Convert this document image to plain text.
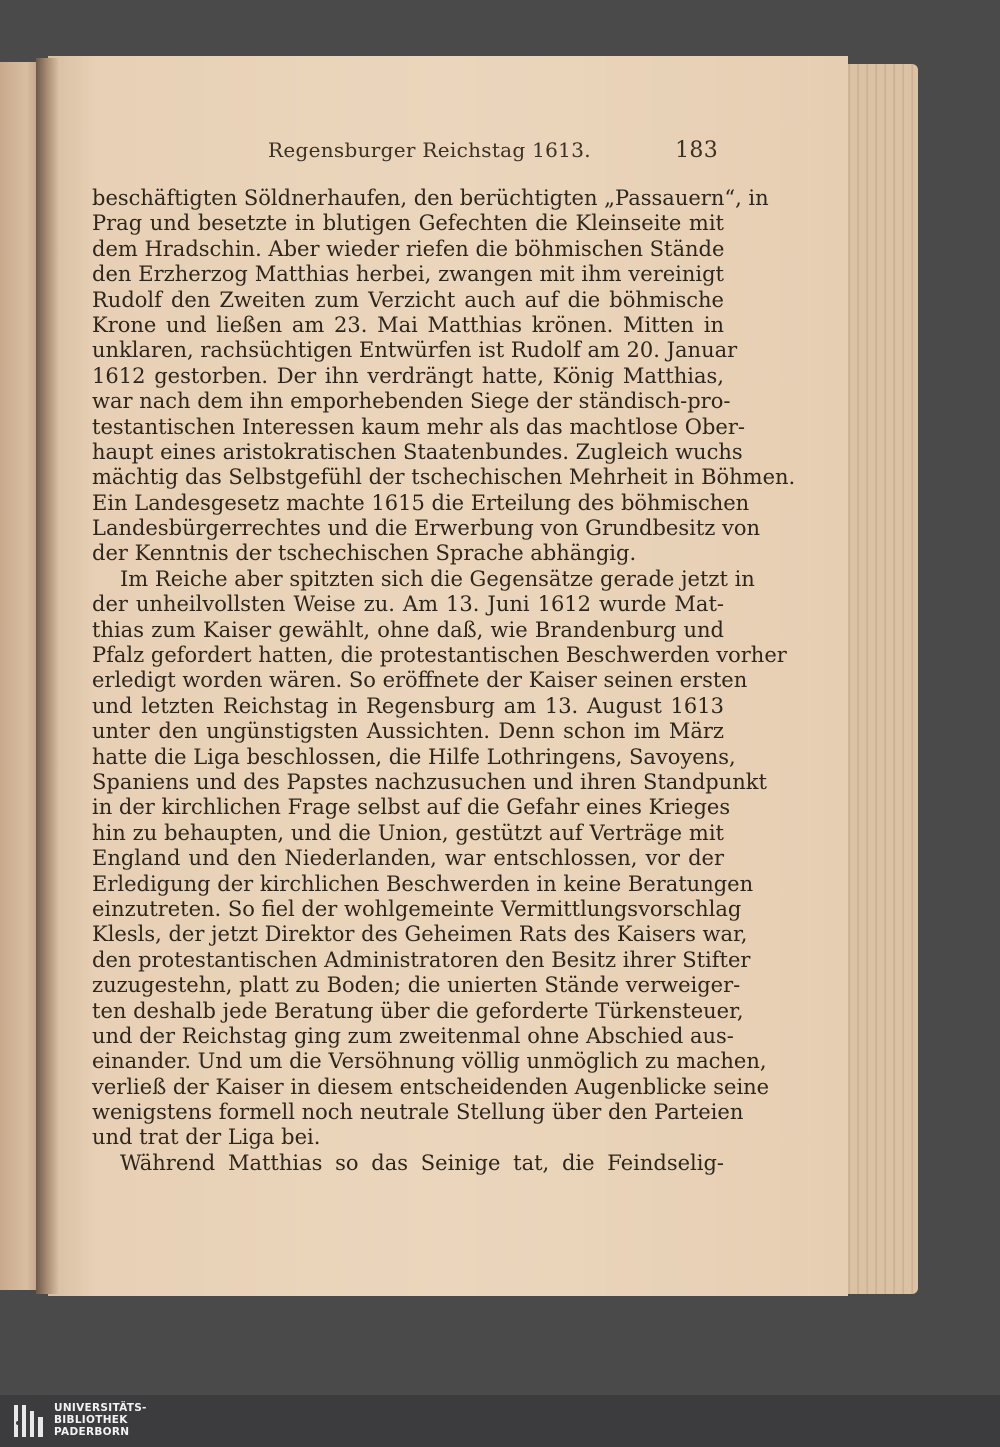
Regensburger Reichstag 1613.	183
beschäftigten Söldnerhaufen, den berüchtigten „Passauern“, in
Prag und besetzte in blutigen Gefechten die Kleinseite mit
dem Hradschin. Aber wieder riefen die böhmischen Stände
den Erzherzog Matthias herbei, zwangen mit ihm vereinigt
Rudolf den Zweiten zum Verzicht auch auf die böhmische
Krone und ließen am 23. Mai Matthias krönen. Mitten in
unklaren, rachsüchtigen Entwürfen ist Rudolf am 20. Januar
1612 gestorben. Der ihn verdrängt hatte, König Matthias,
war nach dem ihn emporhebenden Siege der ständisch-pro-
testantischen Interessen kaum mehr als das machtlose Ober-
haupt eines aristokratischen Staatenbundes. Zugleich wuchs
mächtig das Selbstgefühl der tschechischen Mehrheit in Böhmen.
Ein Landesgesetz machte 1615 die Erteilung des böhmischen
Landesbürgerrechtes und die Erwerbung von Grundbesitz von
der Kenntnis der tschechischen Sprache abhängig.
Im Reiche aber spitzten sich die Gegensätze gerade jetzt in
der unheilvollsten Weise zu. Am 13. Juni 1612 wurde Mat-
thias zum Kaiser gewählt, ohne daß, wie Brandenburg und
Pfalz gefordert hatten, die protestantischen Beschwerden vorher
erledigt worden wären. So eröffnete der Kaiser seinen ersten
und letzten Reichstag in Regensburg am 13. August 1613
unter den ungünstigsten Aussichten. Denn schon im März
hatte die Liga beschlossen, die Hilfe Lothringens, Savoyens,
Spaniens und des Papstes nachzusuchen und ihren Standpunkt
in der kirchlichen Frage selbst auf die Gefahr eines Krieges
hin zu behaupten, und die Union, gestützt auf Verträge mit
England und den Niederlanden, war entschlossen, vor der
Erledigung der kirchlichen Beschwerden in keine Beratungen
einzutreten. So fiel der wohlgemeinte Vermittlungsvorschlag
Klesls, der jetzt Direktor des Geheimen Rats des Kaisers war,
den protestantischen Administratoren den Besitz ihrer Stifter
zuzugestehn, platt zu Boden; die unierten Stände verweiger-
ten deshalb jede Beratung über die geforderte Türkensteuer,
und der Reichstag ging zum zweitenmal ohne Abschied aus-
einander. Und um die Versöhnung völlig unmöglich zu machen,
verließ der Kaiser in diesem entscheidenden Augenblicke seine
wenigstens formell noch neutrale Stellung über den Parteien
und trat der Liga bei.
Während Matthias so das Seinige tat, die Feindselig-
UNIVERSITÄTS-
BIBLIOTHEK
PADERBORN
